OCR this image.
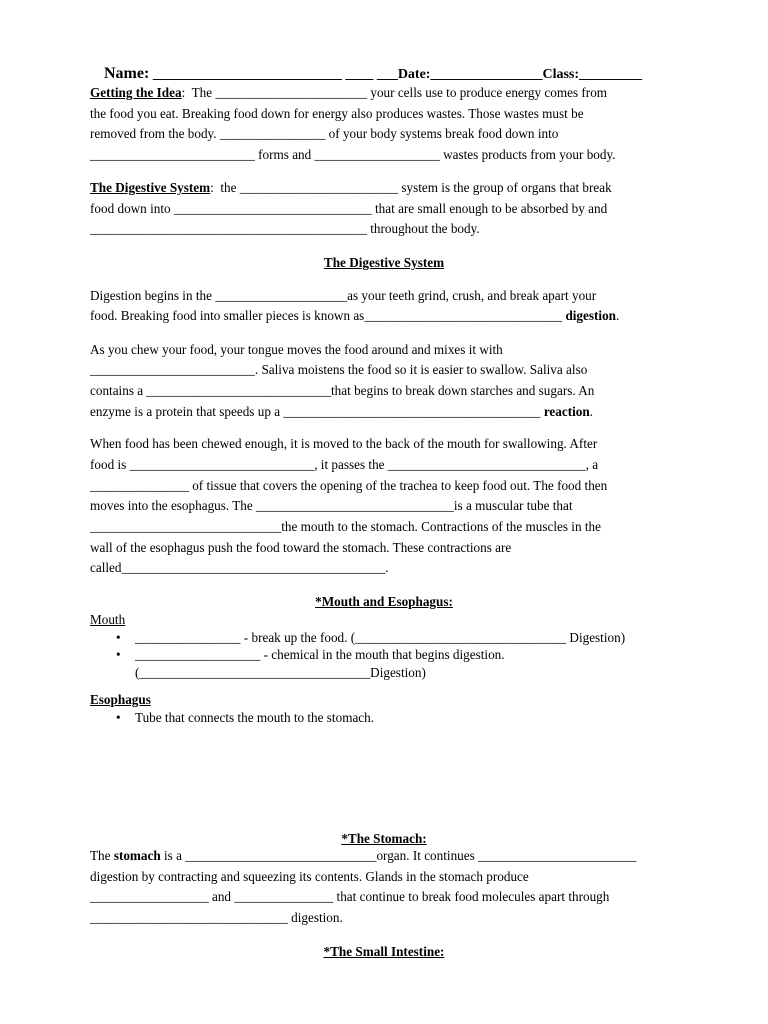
Name: ___________________________ ____ ___Date:________________Class:_________

Getting the Idea:  The _______________________ your cells use to produce energy comes from
the food you eat. Breaking food down for energy also produces wastes. Those wastes must be
removed from the body. ________________ of your body systems break food down into
_________________________ forms and ___________________ wastes products from your body.
The Digestive System:  the ________________________ system is the group of organs that break
food down into ______________________________ that are small enough to be absorbed by and
__________________________________________ throughout the body.
The Digestive System
Digestion begins in the ____________________as your teeth grind, crush, and break apart your
food. Breaking food into smaller pieces is known as______________________________ digestion.
As you chew your food, your tongue moves the food around and mixes it with
_________________________. Saliva moistens the food so it is easier to swallow. Saliva also
contains a ____________________________that begins to break down starches and sugars. An
enzyme is a protein that speeds up a _______________________________________ reaction.
When food has been chewed enough, it is moved to the back of the mouth for swallowing. After
food is ____________________________, it passes the ______________________________, a
_______________ of tissue that covers the opening of the trachea to keep food out. The food then
moves into the esophagus. The ______________________________is a muscular tube that
_____________________________the mouth to the stomach. Contractions of the muscles in the
wall of the esophagus push the food toward the stomach. These contractions are
called________________________________________.
*Mouth and Esophagus:
Mouth
• ________________ - break up the food. (________________________________ Digestion)
• ___________________ - chemical in the mouth that begins digestion.
(___________________________________Digestion)
Esophagus
• Tube that connects the mouth to the stomach.
*The Stomach:
The stomach is a _____________________________organ. It continues ________________________
digestion by contracting and squeezing its contents. Glands in the stomach produce
__________________ and _______________ that continue to break food molecules apart through
______________________________ digestion.
*The Small Intestine:
